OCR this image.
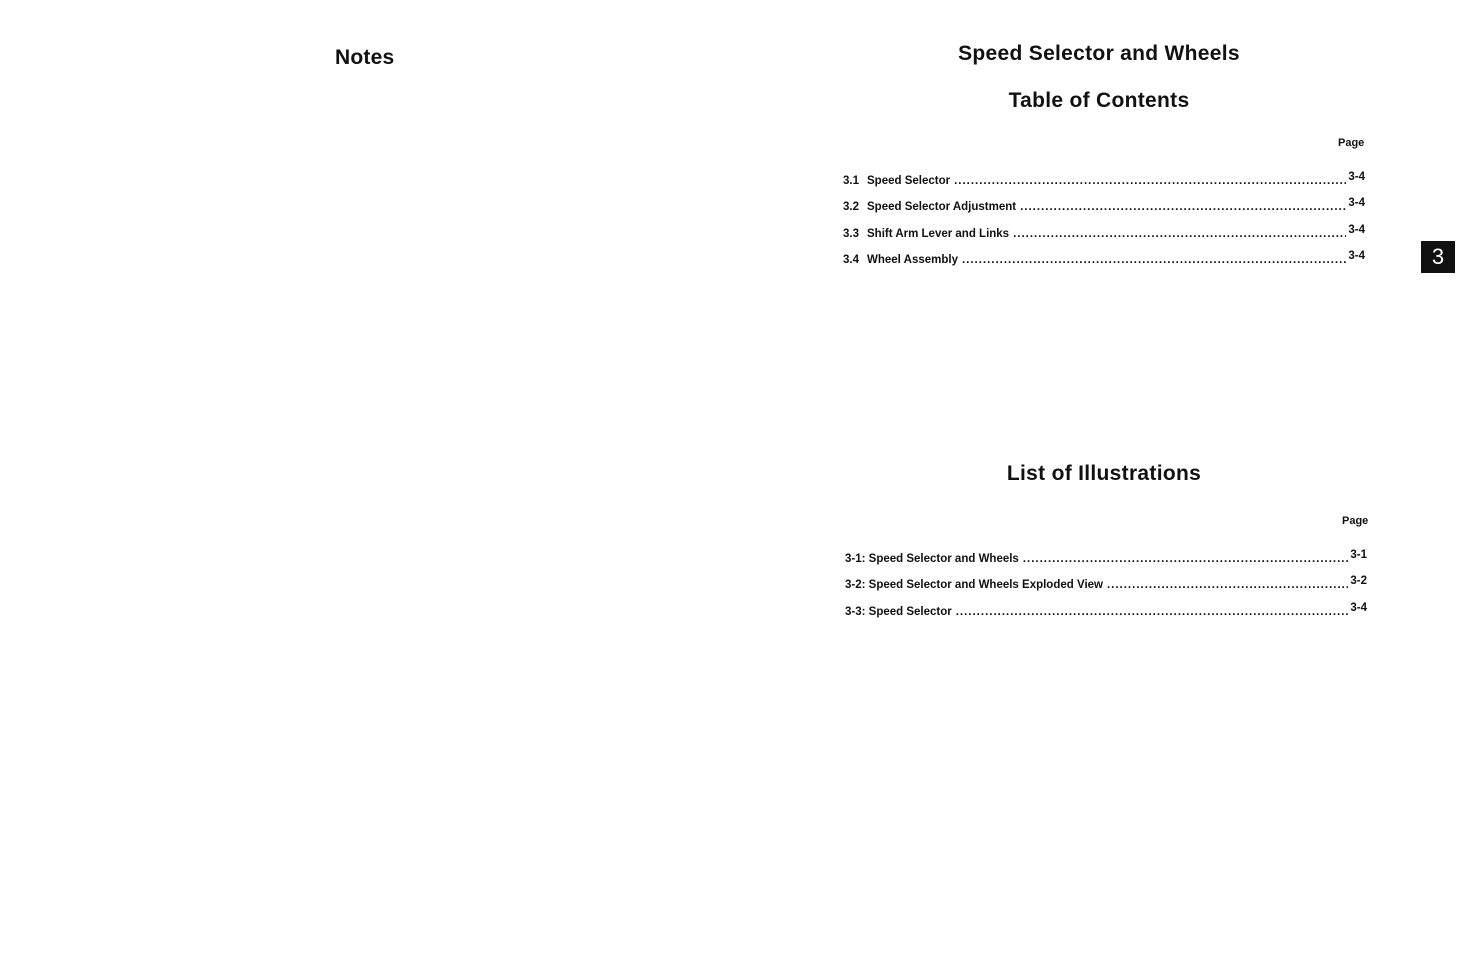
Notes	Speed Selector and Wheels
Table of Contents
Page
3.1 Speed Selector . . .	3-4
3.2 Speed Selector Adjustment . . .	3-4
3.3 Shift Arm Lever and Links . . .	3-4
3.4 Wheel Assembly . . .	3-4	3
List of Illustrations
Page
3-1: Speed Selector and Wheels . . .	3-1
3-2: Speed Selector and Wheels Exploded View . . .	3-2
3-3: Speed Selector . . .	3-4
